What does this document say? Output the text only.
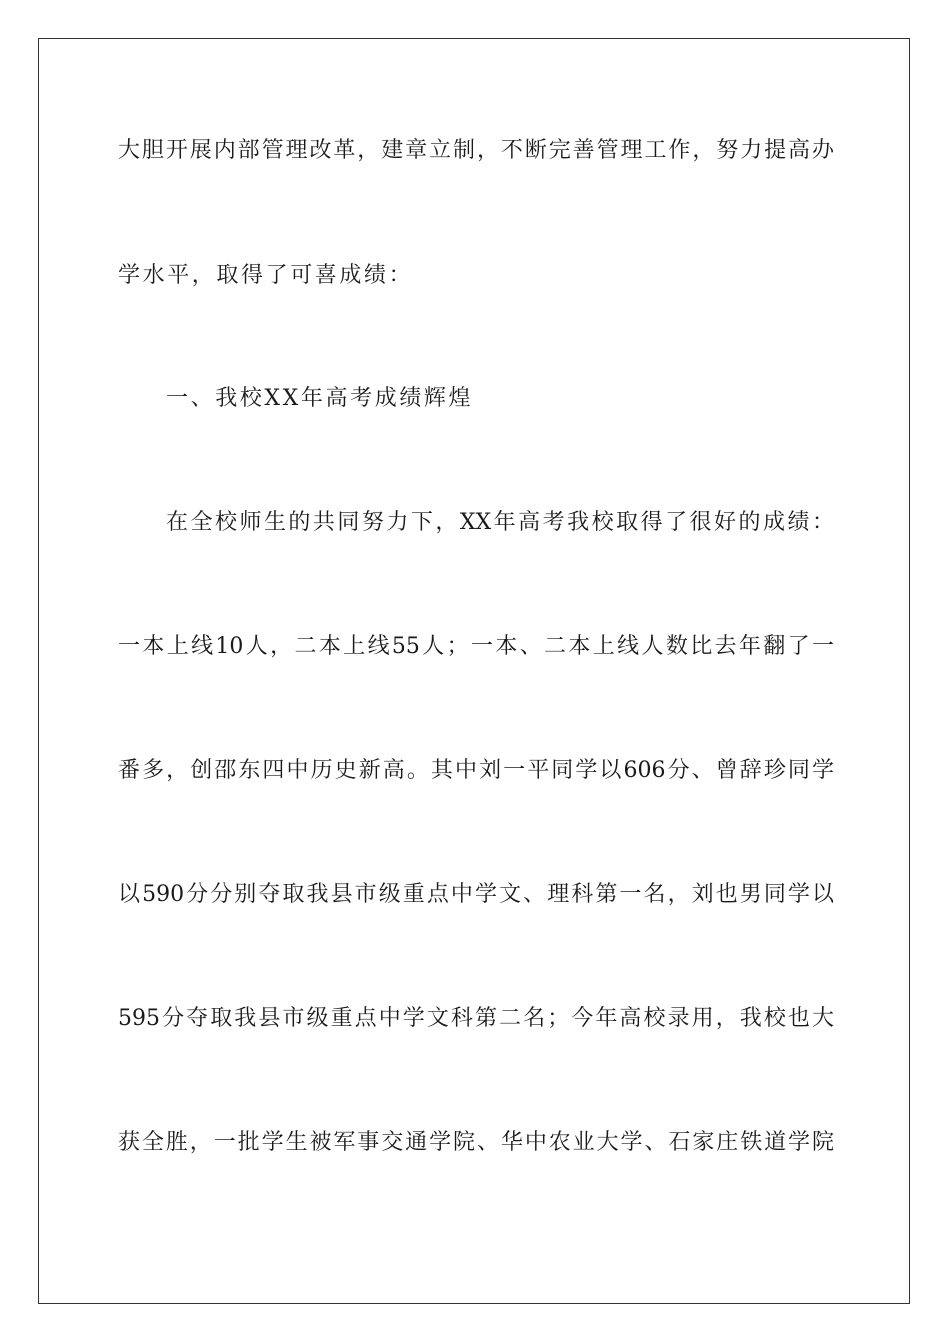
大胆开展内部管理改革，建章立制，不断完善管理工作，努力提高办
学水平，取得了可喜成绩：
一、我校XX年高考成绩辉煌
在全校师生的共同努力下，XX年高考我校取得了很好的成绩：
一本上线10人，二本上线55人；一本、二本上线人数比去年翻了一
番多，创邵东四中历史新高。其中刘一平同学以606分、曾辞珍同学
以590分分别夺取我县市级重点中学文、理科第一名，刘也男同学以
595分夺取我县市级重点中学文科第二名；今年高校录用，我校也大
获全胜，一批学生被军事交通学院、华中农业大学、石家庄铁道学院
